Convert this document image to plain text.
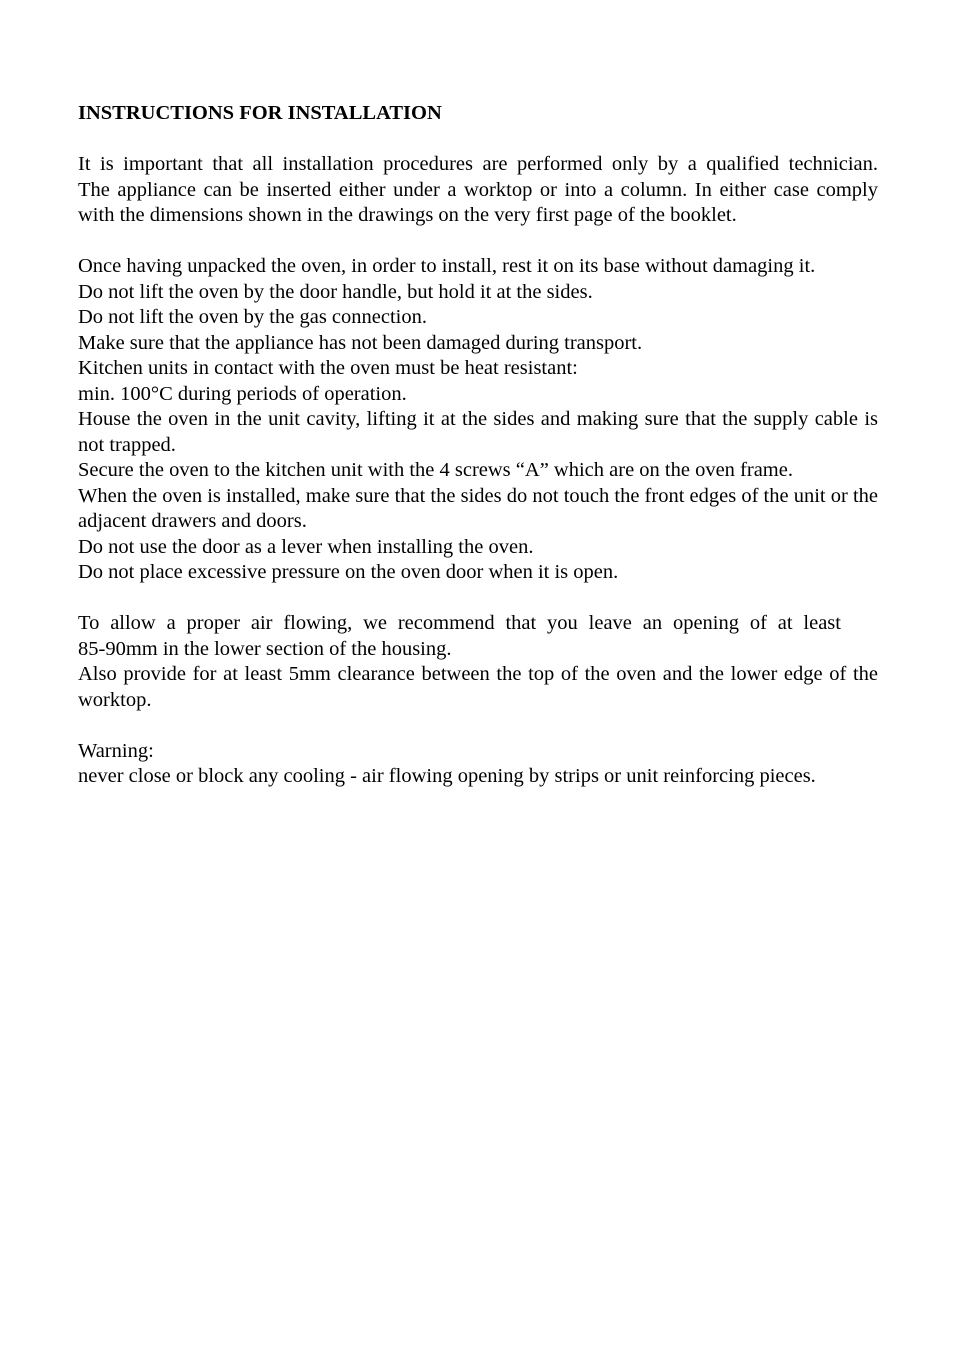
INSTRUCTIONS FOR INSTALLATION

It is important that all installation procedures are performed only by a qualified technician.

The appliance can be inserted either under a worktop or into a column. In either case comply with the dimensions shown in the drawings on the very first page of the booklet.

Once having unpacked the oven, in order to install, rest it on its base without damaging it.

Do not lift the oven by the door handle, but hold it at the sides.

Do not lift the oven by the gas connection.

Make sure that the appliance has not been damaged during transport.

Kitchen units in contact with the oven must be heat resistant:

min. 100°C during periods of operation.

House the oven in the unit cavity, lifting it at the sides and making sure that the supply cable is not trapped.

Secure the oven to the kitchen unit with the 4 screws “A” which are on the oven frame.

When the oven is installed, make sure that the sides do not touch the front edges of the unit or the adjacent drawers and doors.

Do not use the door as a lever when installing the oven.

Do not place excessive pressure on the oven door when it is open.

To allow a proper air flowing, we recommend that you leave an opening of at least

85-90mm in the lower section of the housing.

Also provide for at least 5mm clearance between the top of the oven and the lower edge of the worktop.

Warning:

never close or block any cooling - air flowing opening by strips or unit reinforcing pieces.
